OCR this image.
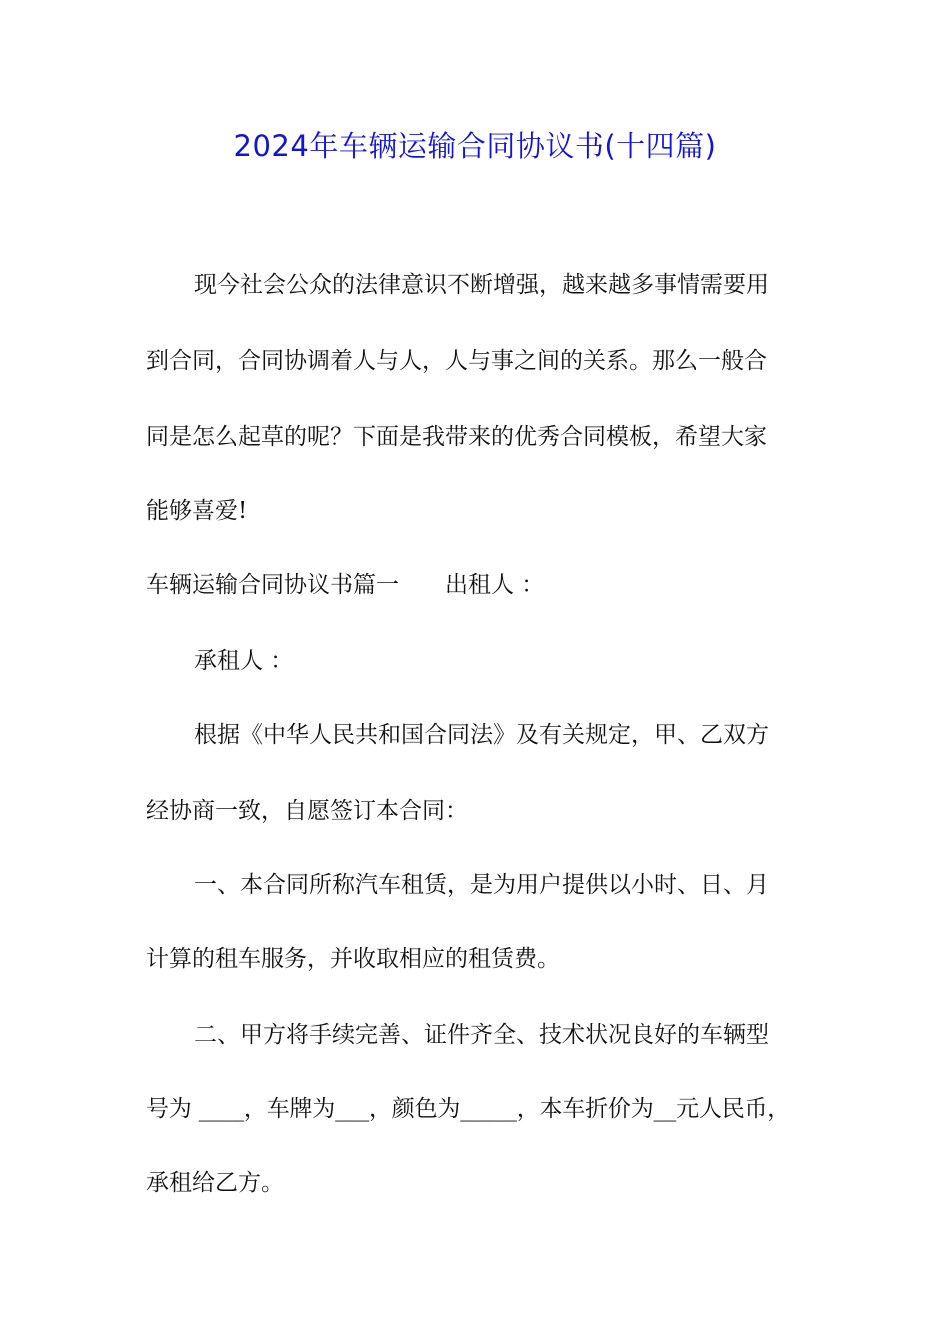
2024年车辆运输合同协议书(十四篇)
现今社会公众的法律意识不断增强，越来越多事情需要用
到合同，合同协调着人与人，人与事之间的关系。那么一般合
同是怎么起草的呢？下面是我带来的优秀合同模板，希望大家
能够喜爱!
车辆运输合同协议书篇一　　出租人 ：
承租人 ：
根据《中华人民共和国合同法》及有关规定，甲、乙双方
经协商一致，自愿签订本合同：
一、本合同所称汽车租赁，是为用户提供以小时、日、月
计算的租车服务，并收取相应的租赁费。
二、甲方将手续完善、证件齐全、技术状况良好的车辆型
号为 ____，车牌为___，颜色为_____，本车折价为__元人民币，
承租给乙方。
